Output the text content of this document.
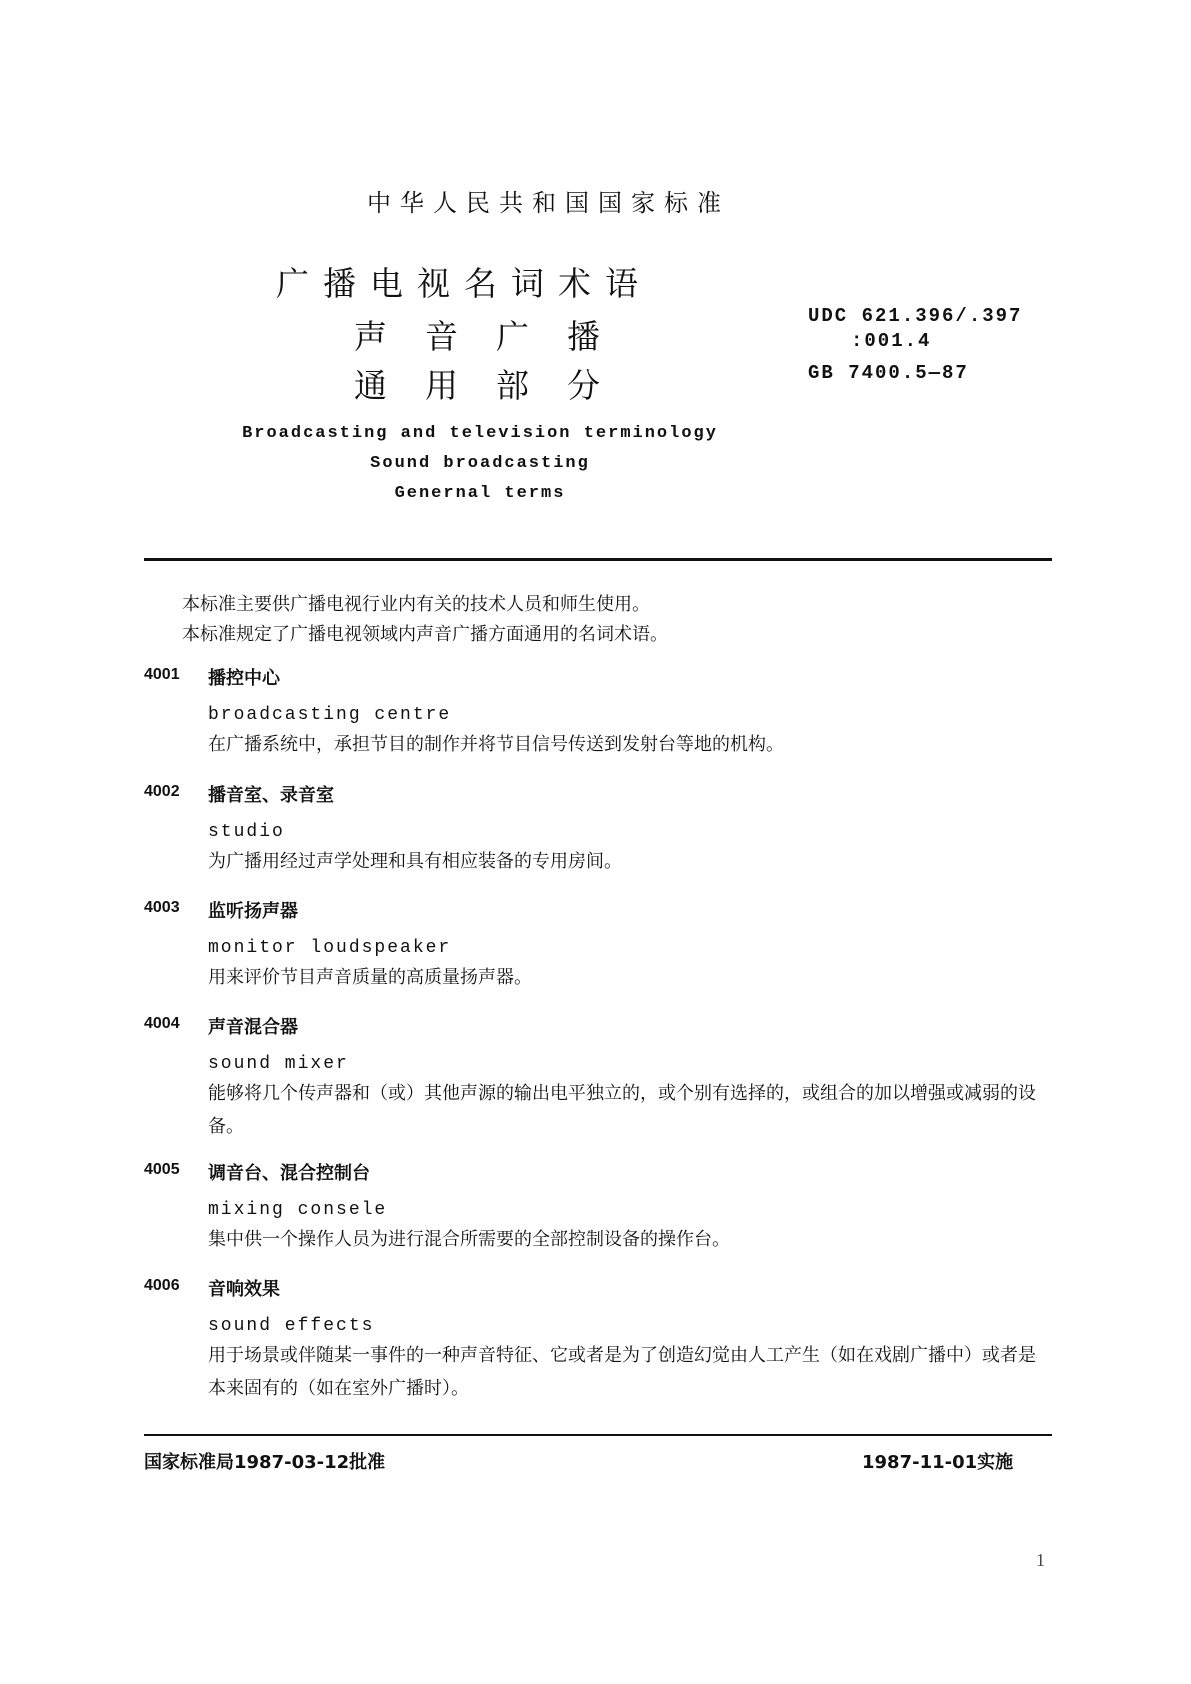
中华人民共和国国家标准
广播电视名词术语
声音广播
通用部分
UDC 621.396/.397
:001.4
GB 7400.5—87
Broadcasting and television terminology
Sound broadcasting
Genernal terms
本标准主要供广播电视行业内有关的技术人员和师生使用。
本标准规定了广播电视领域内声音广播方面通用的名词术语。
4001 播控中心
broadcasting centre
在广播系统中，承担节目的制作并将节目信号传送到发射台等地的机构。
4002 播音室、录音室
studio
为广播用经过声学处理和具有相应装备的专用房间。
4003 监听扬声器
monitor loudspeaker
用来评价节目声音质量的高质量扬声器。
4004 声音混合器
sound mixer
能够将几个传声器和（或）其他声源的输出电平独立的，或个别有选择的，或组合的加以增强或减弱的设备。
4005 调音台、混合控制台
mixing consele
集中供一个操作人员为进行混合所需要的全部控制设备的操作台。
4006 音响效果
sound effects
用于场景或伴随某一事件的一种声音特征、它或者是为了创造幻觉由人工产生（如在戏剧广播中）或者是本来固有的（如在室外广播时）。
国家标准局1987-03-12批准	1987-11-01实施
1
